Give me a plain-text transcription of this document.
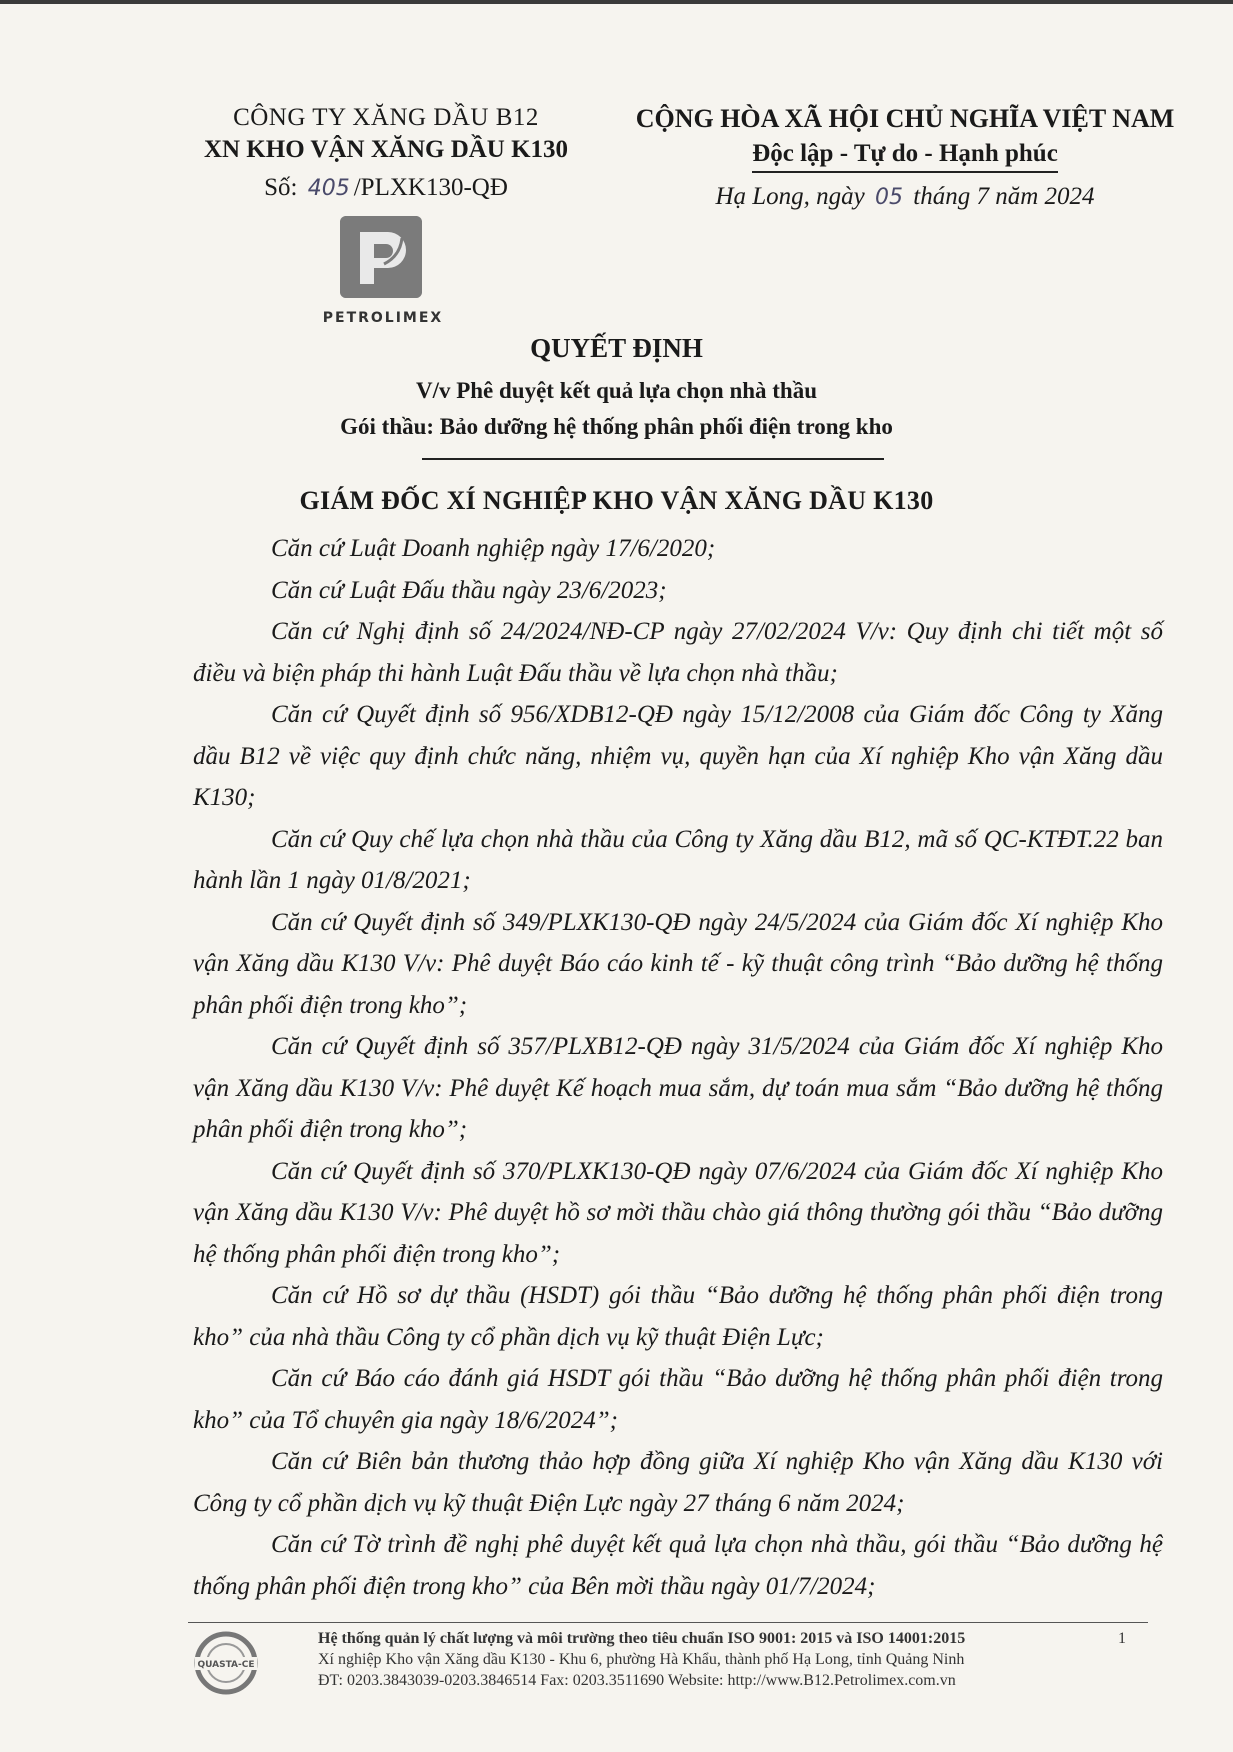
CÔNG TY XĂNG DẦU B12
XN KHO VẬN XĂNG DẦU K130
Số: 405 /PLXK130-QĐ
CỘNG HÒA XÃ HỘI CHỦ NGHĨA VIỆT NAM
Độc lập - Tự do - Hạnh phúc
Hạ Long, ngày 05 tháng 7 năm 2024
PETROLIMEX
QUYẾT ĐỊNH
V/v Phê duyệt kết quả lựa chọn nhà thầu
Gói thầu: Bảo dưỡng hệ thống phân phối điện trong kho
GIÁM ĐỐC XÍ NGHIỆP KHO VẬN XĂNG DẦU K130

Căn cứ Luật Doanh nghiệp ngày 17/6/2020;

Căn cứ Luật Đấu thầu ngày 23/6/2023;

Căn cứ Nghị định số 24/2024/NĐ-CP ngày 27/02/2024 V/v: Quy định chi tiết một số điều và biện pháp thi hành Luật Đấu thầu về lựa chọn nhà thầu;

Căn cứ Quyết định số 956/XDB12-QĐ ngày 15/12/2008 của Giám đốc Công ty Xăng dầu B12 về việc quy định chức năng, nhiệm vụ, quyền hạn của Xí nghiệp Kho vận Xăng dầu K130;

Căn cứ Quy chế lựa chọn nhà thầu của Công ty Xăng dầu B12, mã số QC-KTĐT.22 ban hành lần 1 ngày 01/8/2021;

Căn cứ Quyết định số 349/PLXK130-QĐ ngày 24/5/2024 của Giám đốc Xí nghiệp Kho vận Xăng dầu K130 V/v: Phê duyệt Báo cáo kinh tế - kỹ thuật công trình “Bảo dưỡng hệ thống phân phối điện trong kho”;

Căn cứ Quyết định số 357/PLXB12-QĐ ngày 31/5/2024 của Giám đốc Xí nghiệp Kho vận Xăng dầu K130 V/v: Phê duyệt Kế hoạch mua sắm, dự toán mua sắm “Bảo dưỡng hệ thống phân phối điện trong kho”;

Căn cứ Quyết định số 370/PLXK130-QĐ ngày 07/6/2024 của Giám đốc Xí nghiệp Kho vận Xăng dầu K130 V/v: Phê duyệt hồ sơ mời thầu chào giá thông thường gói thầu “Bảo dưỡng hệ thống phân phối điện trong kho”;

Căn cứ Hồ sơ dự thầu (HSDT) gói thầu “Bảo dưỡng hệ thống phân phối điện trong kho” của nhà thầu Công ty cổ phần dịch vụ kỹ thuật Điện Lực;

Căn cứ Báo cáo đánh giá HSDT gói thầu “Bảo dưỡng hệ thống phân phối điện trong kho” của Tổ chuyên gia ngày 18/6/2024”;

Căn cứ Biên bản thương thảo hợp đồng giữa Xí nghiệp Kho vận Xăng dầu K130 với Công ty cổ phần dịch vụ kỹ thuật Điện Lực ngày 27 tháng 6 năm 2024;

Căn cứ Tờ trình đề nghị phê duyệt kết quả lựa chọn nhà thầu, gói thầu “Bảo dưỡng hệ thống phân phối điện trong kho” của Bên mời thầu ngày 01/7/2024;

QUASTA-CE
Hệ thống quản lý chất lượng và môi trường theo tiêu chuẩn ISO 9001: 2015 và ISO 14001:2015	1
Xí nghiệp Kho vận Xăng dầu K130 - Khu 6, phường Hà Khẩu, thành phố Hạ Long, tỉnh Quảng Ninh
ĐT: 0203.3843039-0203.3846514 Fax: 0203.3511690 Website: http://www.B12.Petrolimex.com.vn
